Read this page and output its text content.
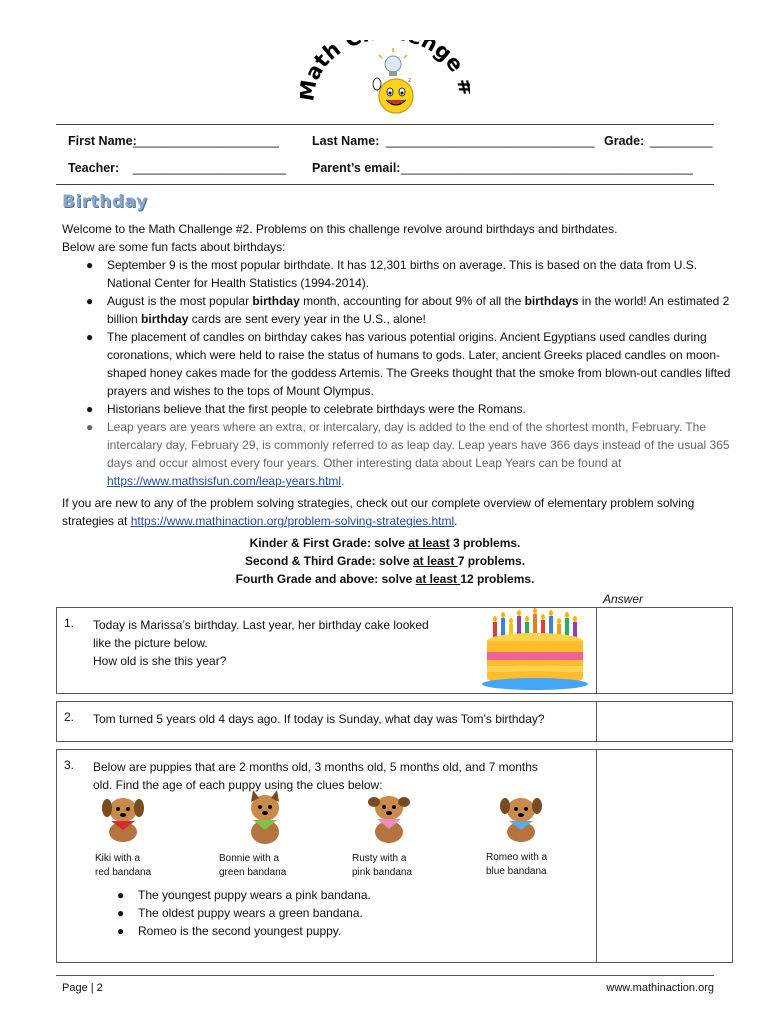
ath nge
z
First Name:
_____________________	Last Name: ______________________________ Grade: _________
Teacher: ______________________ Parent’s email: __________________________________________
Birthday
Welcome to the Math Challenge #2. Problems on this challenge revolve around birthdays and birthdates.
Below are some fun facts about birthdays:
● September 9 is the most popular birthdate. It has 12,301 births on average. This is based on the data from U.S. National Center for Health Statistics (1994-2014).
● August is the most popular birthday month, accounting for about 9% of all the birthdays in the world! An estimated 2 billion birthday cards are sent every year in the U.S., alone!
● The placement of candles on birthday cakes has various potential origins. Ancient Egyptians used candles during coronations, which were held to raise the status of humans to gods. Later, ancient Greeks placed candles on moon-shaped honey cakes made for the goddess Artemis. The Greeks thought that the smoke from blown-out candles lifted prayers and wishes to the tops of Mount Olympus.
● Historians believe that the first people to celebrate birthdays were the Romans.
● Leap years are years where an extra, or intercalary, day is added to the end of the shortest month, February. The intercalary day, February 29, is commonly referred to as leap day. Leap years have 366 days instead of the usual 365 days and occur almost every four years. Other interesting data about Leap Years can be found at https://www.mathsisfun.com/leap-years.html.
If you are new to any of the problem solving strategies, check out our complete overview of elementary problem solving strategies at https://www.mathinaction.org/problem-solving-strategies.html.
Kinder & First Grade: solve at least 3 problems.
Second & Third Grade: solve at least 7 problems.
Fourth Grade and above: solve at least 12 problems.
Answer
1. Today is Marissa’s birthday. Last year, her birthday cake looked
like the picture below.
How old is she this year?
2. Tom turned 5 years old 4 days ago. If today is Sunday, what day was Tom’s birthday?
3. Below are puppies that are 2 months old, 3 months old, 5 months old, and 7 months
old. Find the age of each puppy using the clues below:
Kiki with a
red bandana
Bonnie with a
green bandana
Rusty with a
pink bandana
Romeo with a
blue bandana
● The youngest puppy wears a pink bandana.
● The oldest puppy wears a green bandana.
● Romeo is the second youngest puppy.
Page | 2	www.mathinaction.org
